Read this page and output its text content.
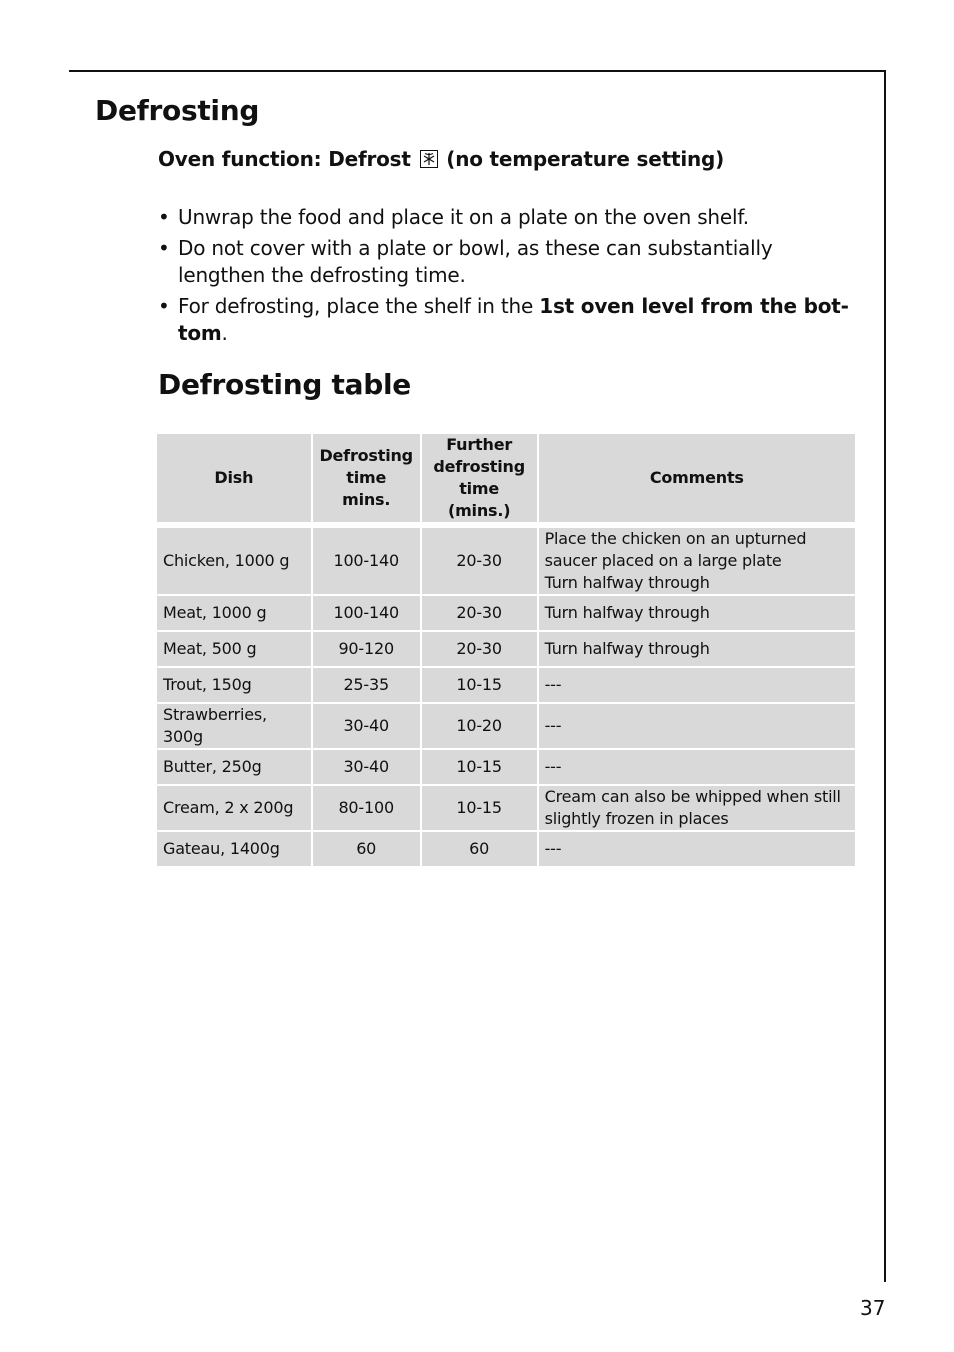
Defrosting
Oven function: Defrost (no temperature setting)
• Unwrap the food and place it on a plate on the oven shelf.
• Do not cover with a plate or bowl, as these can substantially lengthen the defrosting time.
• For defrosting, place the shelf in the 1st oven level from the bot-tom.
Defrosting table
Dish	Defrosting
time
mins.	Further
defrosting
time (mins.)	Comments

Chicken, 1000 g	100-140	20-30	Place the chicken on an upturned
saucer placed on a large plate
Turn halfway through

Meat, 1000 g	100-140	20-30	Turn halfway through

Meat, 500 g	90-120	20-30	Turn halfway through

Trout, 150g	25-35	10-15	---

Strawberries,
300g	30-40	10-20	---

Butter, 250g	30-40	10-15	---

Cream, 2 x 200g	80-100	10-15	Cream can also be whipped when still
slightly frozen in places

Gateau, 1400g	60	60	---
37
